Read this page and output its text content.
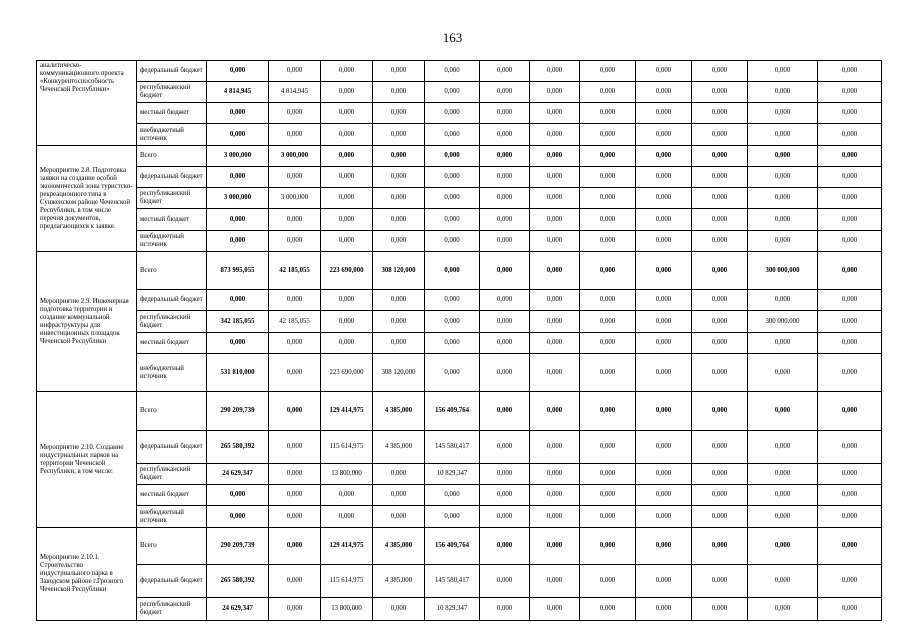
163
аналитическо-коммуникационного проекта «Конкурентоспособность Чеченской Республики»	федеральный бюджет	0,000	0,000	0,000	0,000	0,000	0,000	0,000	0,000	0,000	0,000	0,000	0,000
	республиканский бюджет	4 814,945	4 814,945	0,000	0,000	0,000	0,000	0,000	0,000	0,000	0,000	0,000	0,000
	местный бюджет	0,000	0,000	0,000	0,000	0,000	0,000	0,000	0,000	0,000	0,000	0,000	0,000
	внебюджетный источник	0,000	0,000	0,000	0,000	0,000	0,000	0,000	0,000	0,000	0,000	0,000	0,000
Мероприятие 2.8. Подготовка заявки на создание особой экономической зоны туристско-рекреационного типа в Сунженском районе Чеченской Республики, в том числе перечня документов, предлагающихся к заявке.	Всего	3 000,000	3 000,000	0,000	0,000	0,000	0,000	0,000	0,000	0,000	0,000	0,000	0,000
	федеральный бюджет	0,000	0,000	0,000	0,000	0,000	0,000	0,000	0,000	0,000	0,000	0,000	0,000
	республиканский бюджет	3 000,000	3 000,000	0,000	0,000	0,000	0,000	0,000	0,000	0,000	0,000	0,000	0,000
	местный бюджет	0,000	0,000	0,000	0,000	0,000	0,000	0,000	0,000	0,000	0,000	0,000	0,000
	внебюджетный источник	0,000	0,000	0,000	0,000	0,000	0,000	0,000	0,000	0,000	0,000	0,000	0,000
Мероприятие 2.9. Инженерная подготовка территории и создание коммунальной инфраструктуры для инвестиционных площадок Чеченской Республики	Всего	873 995,055	42 185,055	223 690,000	308 120,000	0,000	0,000	0,000	0,000	0,000	0,000	300 000,000	0,000
	федеральный бюджет	0,000	0,000	0,000	0,000	0,000	0,000	0,000	0,000	0,000	0,000	0,000	0,000
	республиканский бюджет	342 185,055	42 185,055	0,000	0,000	0,000	0,000	0,000	0,000	0,000	0,000	300 000,000	0,000
	местный бюджет	0,000	0,000	0,000	0,000	0,000	0,000	0,000	0,000	0,000	0,000	0,000	0,000
	внебюджетный источник	531 810,000	0,000	223 690,000	308 120,000	0,000	0,000	0,000	0,000	0,000	0,000	0,000	0,000
Мероприятие 2.10. Создание индустриальных парков на территории Чеченской Республики, в том числе:	Всего	290 209,739	0,000	129 414,975	4 385,000	156 409,764	0,000	0,000	0,000	0,000	0,000	0,000	0,000
	федеральный бюджет	265 580,392	0,000	115 614,975	4 385,000	145 580,417	0,000	0,000	0,000	0,000	0,000	0,000	0,000
	республиканский бюджет	24 629,347	0,000	13 800,000	0,000	10 829,347	0,000	0,000	0,000	0,000	0,000	0,000	0,000
	местный бюджет	0,000	0,000	0,000	0,000	0,000	0,000	0,000	0,000	0,000	0,000	0,000	0,000
	внебюджетный источник	0,000	0,000	0,000	0,000	0,000	0,000	0,000	0,000	0,000	0,000	0,000	0,000
Мероприятие 2.10.1. Строительство индустриального парка в Заводском районе г.Грозного Чеченской Республики	Всего	290 209,739	0,000	129 414,975	4 385,000	156 409,764	0,000	0,000	0,000	0,000	0,000	0,000	0,000
	федеральный бюджет	265 580,392	0,000	115 614,975	4 385,000	145 580,417	0,000	0,000	0,000	0,000	0,000	0,000	0,000
	республиканский бюджет	24 629,347	0,000	13 800,000	0,000	10 829,347	0,000	0,000	0,000	0,000	0,000	0,000	0,000
